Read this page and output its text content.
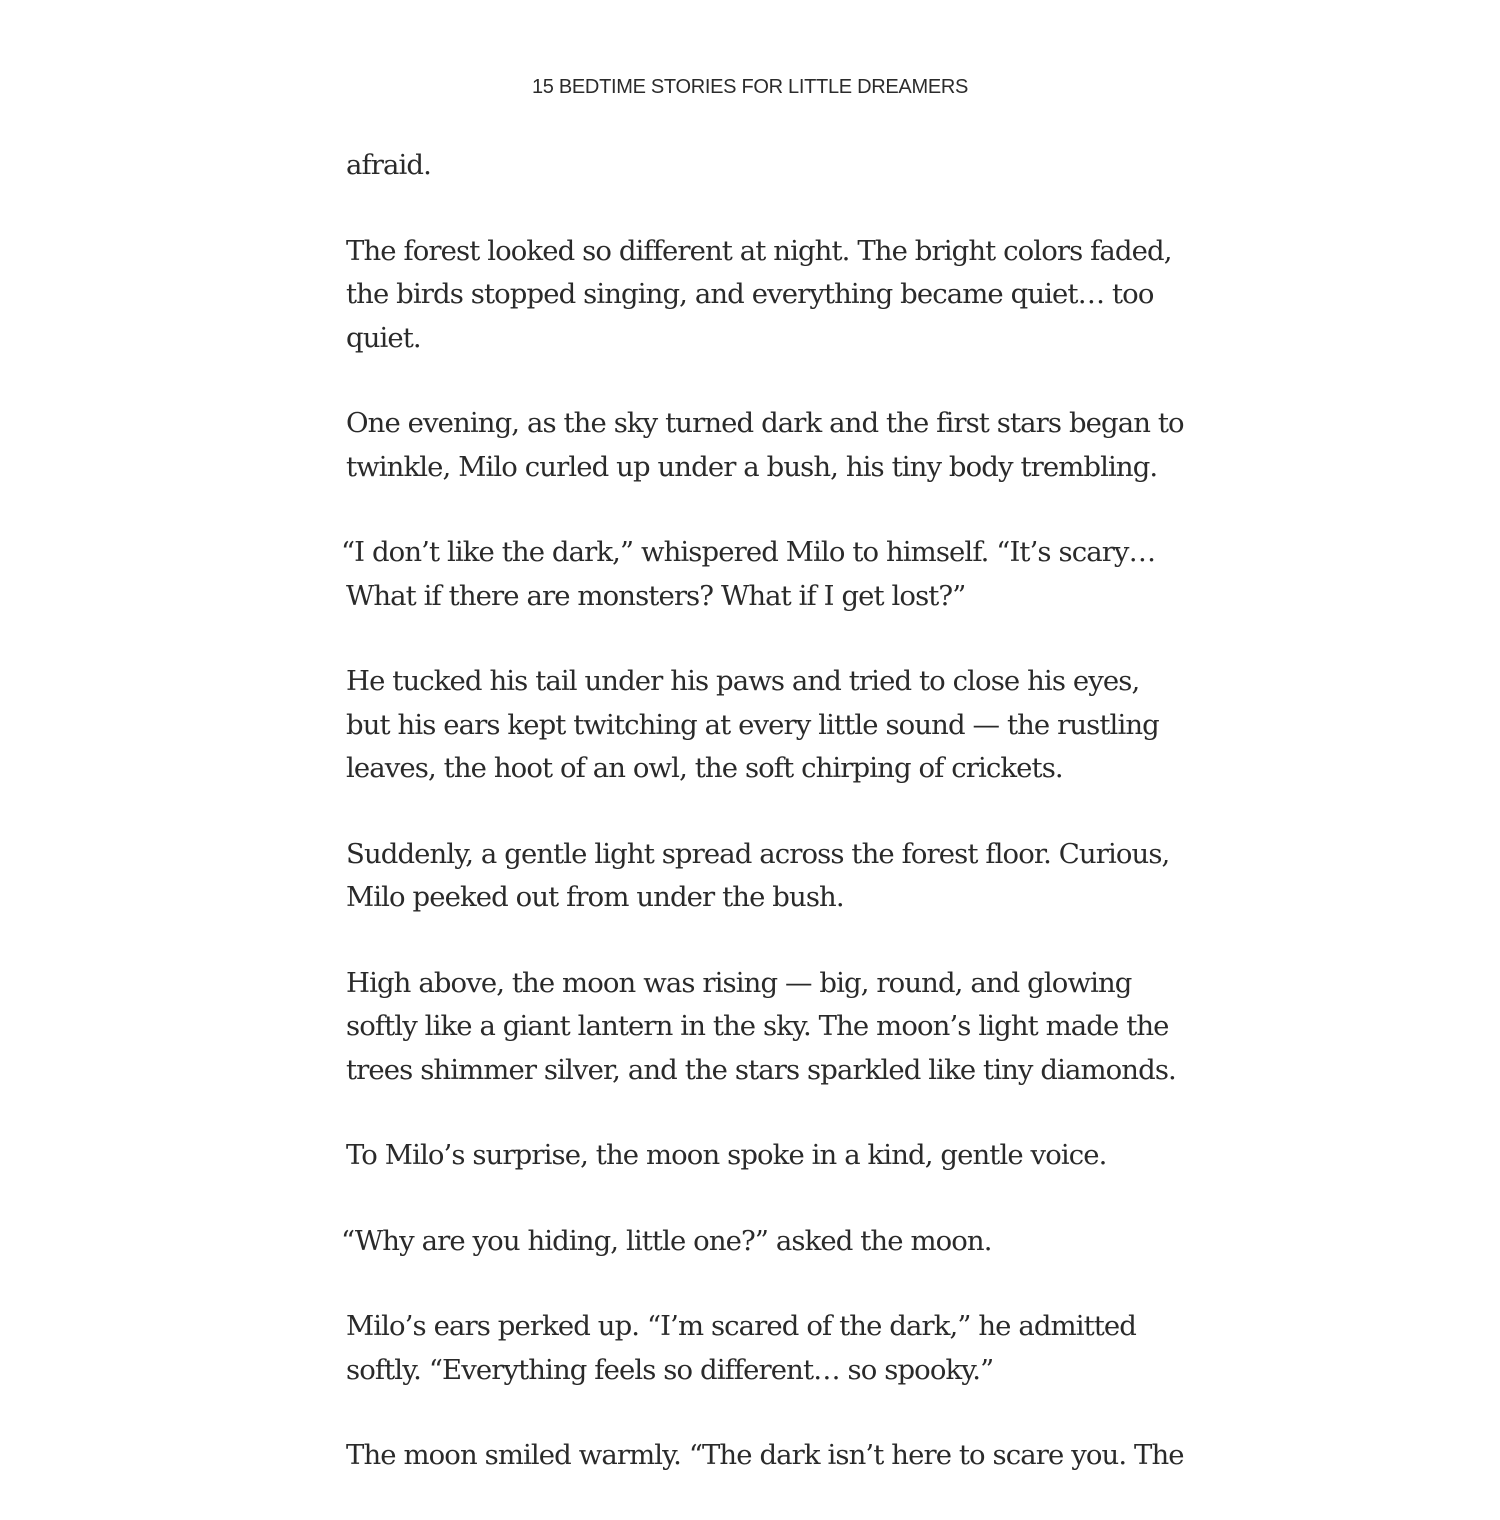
15 BEDTIME STORIES FOR LITTLE DREAMERS

afraid.

The forest looked so different at night. The bright colors faded,
the birds stopped singing, and everything became quiet… too
quiet.

One evening, as the sky turned dark and the first stars began to
twinkle, Milo curled up under a bush, his tiny body trembling.

“I don’t like the dark,” whispered Milo to himself. “It’s scary…
What if there are monsters? What if I get lost?”

He tucked his tail under his paws and tried to close his eyes,
but his ears kept twitching at every little sound — the rustling
leaves, the hoot of an owl, the soft chirping of crickets.

Suddenly, a gentle light spread across the forest floor. Curious,
Milo peeked out from under the bush.

High above, the moon was rising — big, round, and glowing
softly like a giant lantern in the sky. The moon’s light made the
trees shimmer silver, and the stars sparkled like tiny diamonds.

To Milo’s surprise, the moon spoke in a kind, gentle voice.

“Why are you hiding, little one?” asked the moon.

Milo’s ears perked up. “I’m scared of the dark,” he admitted
softly. “Everything feels so different… so spooky.”

The moon smiled warmly. “The dark isn’t here to scare you. The
